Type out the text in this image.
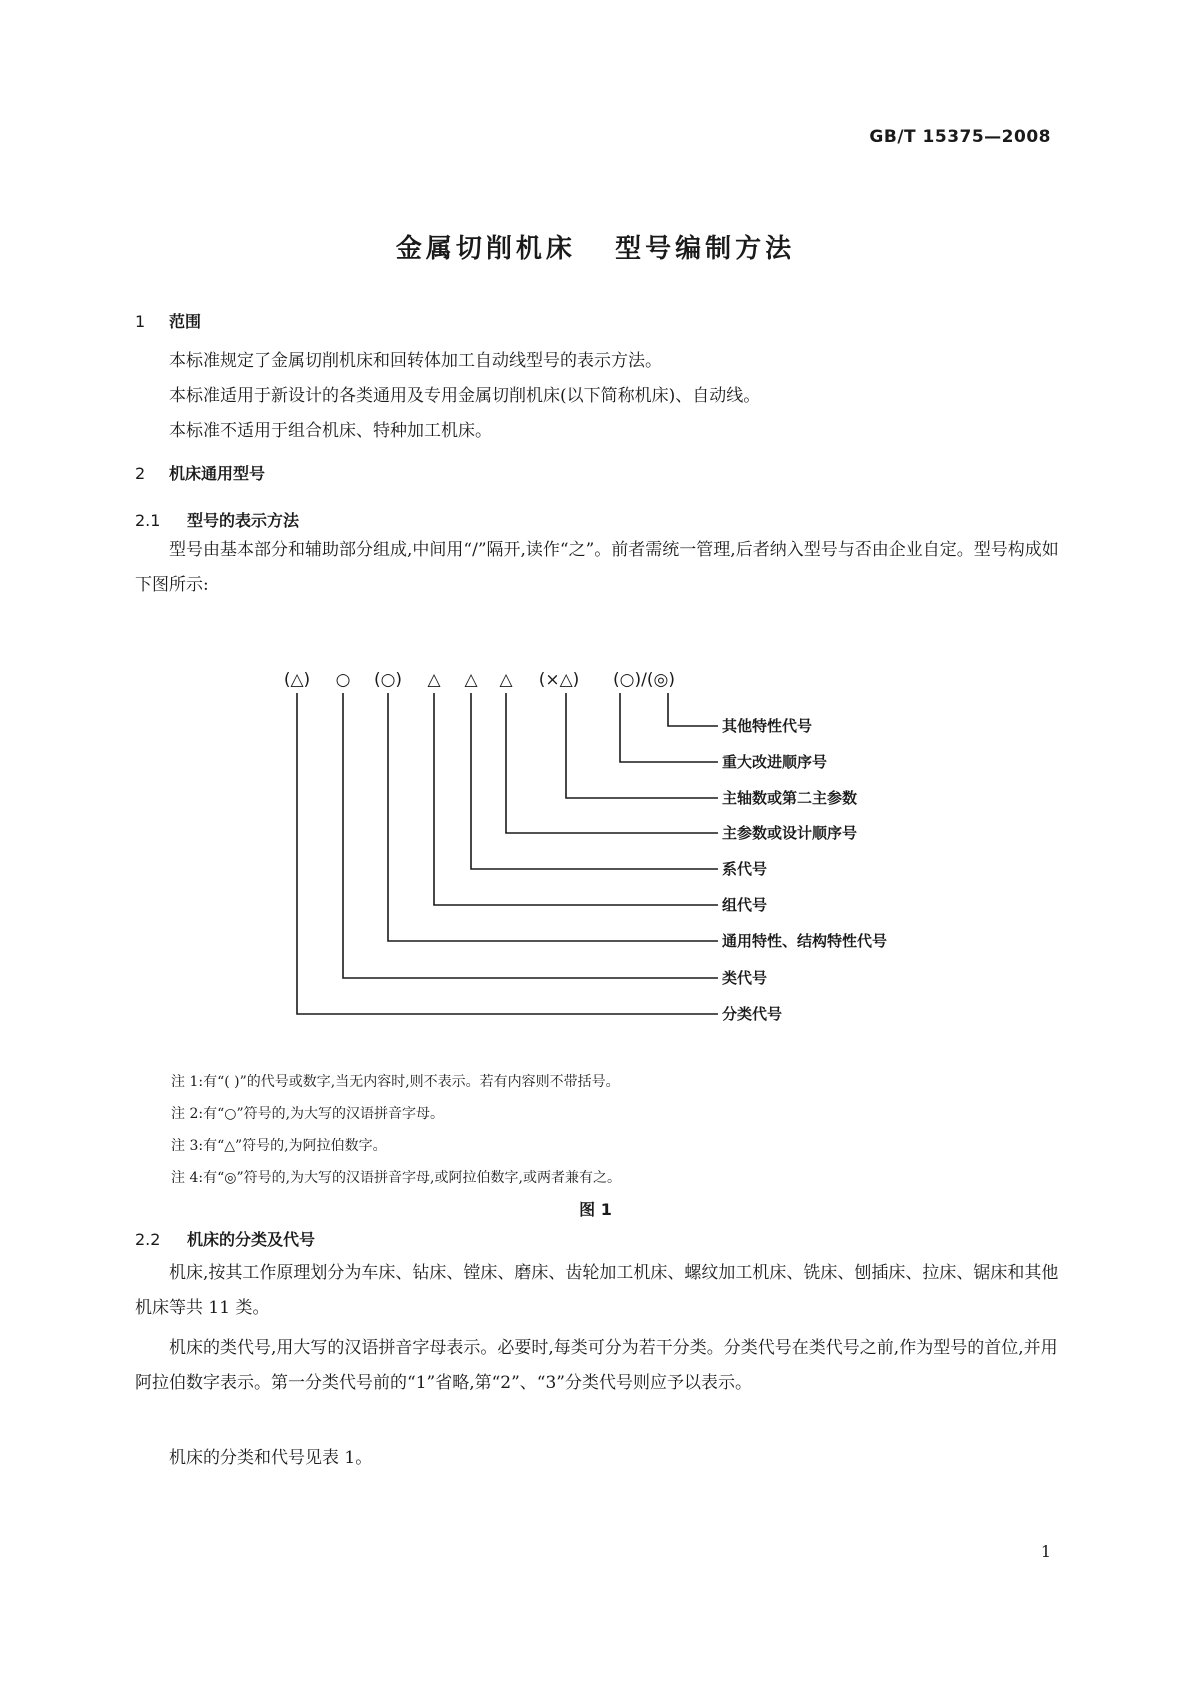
GB/T 15375—2008
金属切削机床   型号编制方法
1 范围
本标准规定了金属切削机床和回转体加工自动线型号的表示方法。
本标准适用于新设计的各类通用及专用金属切削机床(以下简称机床)、自动线。
本标准不适用于组合机床、特种加工机床。
2 机床通用型号
2.1 型号的表示方法
型号由基本部分和辅助部分组成,中间用“/”隔开,读作“之”。前者需统一管理,后者纳入型号与否由企业自定。型号构成如下图所示:
(△) ○ (○) △ △ △ (×△) (○)/(◎)
其他特性代号
重大改进顺序号
主轴数或第二主参数
主参数或设计顺序号
系代号
组代号
通用特性、结构特性代号
类代号
分类代号
注 1:有“( )”的代号或数字,当无内容时,则不表示。若有内容则不带括号。
注 2:有“○”符号的,为大写的汉语拼音字母。
注 3:有“△”符号的,为阿拉伯数字。
注 4:有“◎”符号的,为大写的汉语拼音字母,或阿拉伯数字,或两者兼有之。
图 1
2.2 机床的分类及代号
机床,按其工作原理划分为车床、钻床、镗床、磨床、齿轮加工机床、螺纹加工机床、铣床、刨插床、拉床、锯床和其他机床等共 11 类。
机床的类代号,用大写的汉语拼音字母表示。必要时,每类可分为若干分类。分类代号在类代号之前,作为型号的首位,并用阿拉伯数字表示。第一分类代号前的“1”省略,第“2”、“3”分类代号则应予以表示。
机床的分类和代号见表 1。
1
